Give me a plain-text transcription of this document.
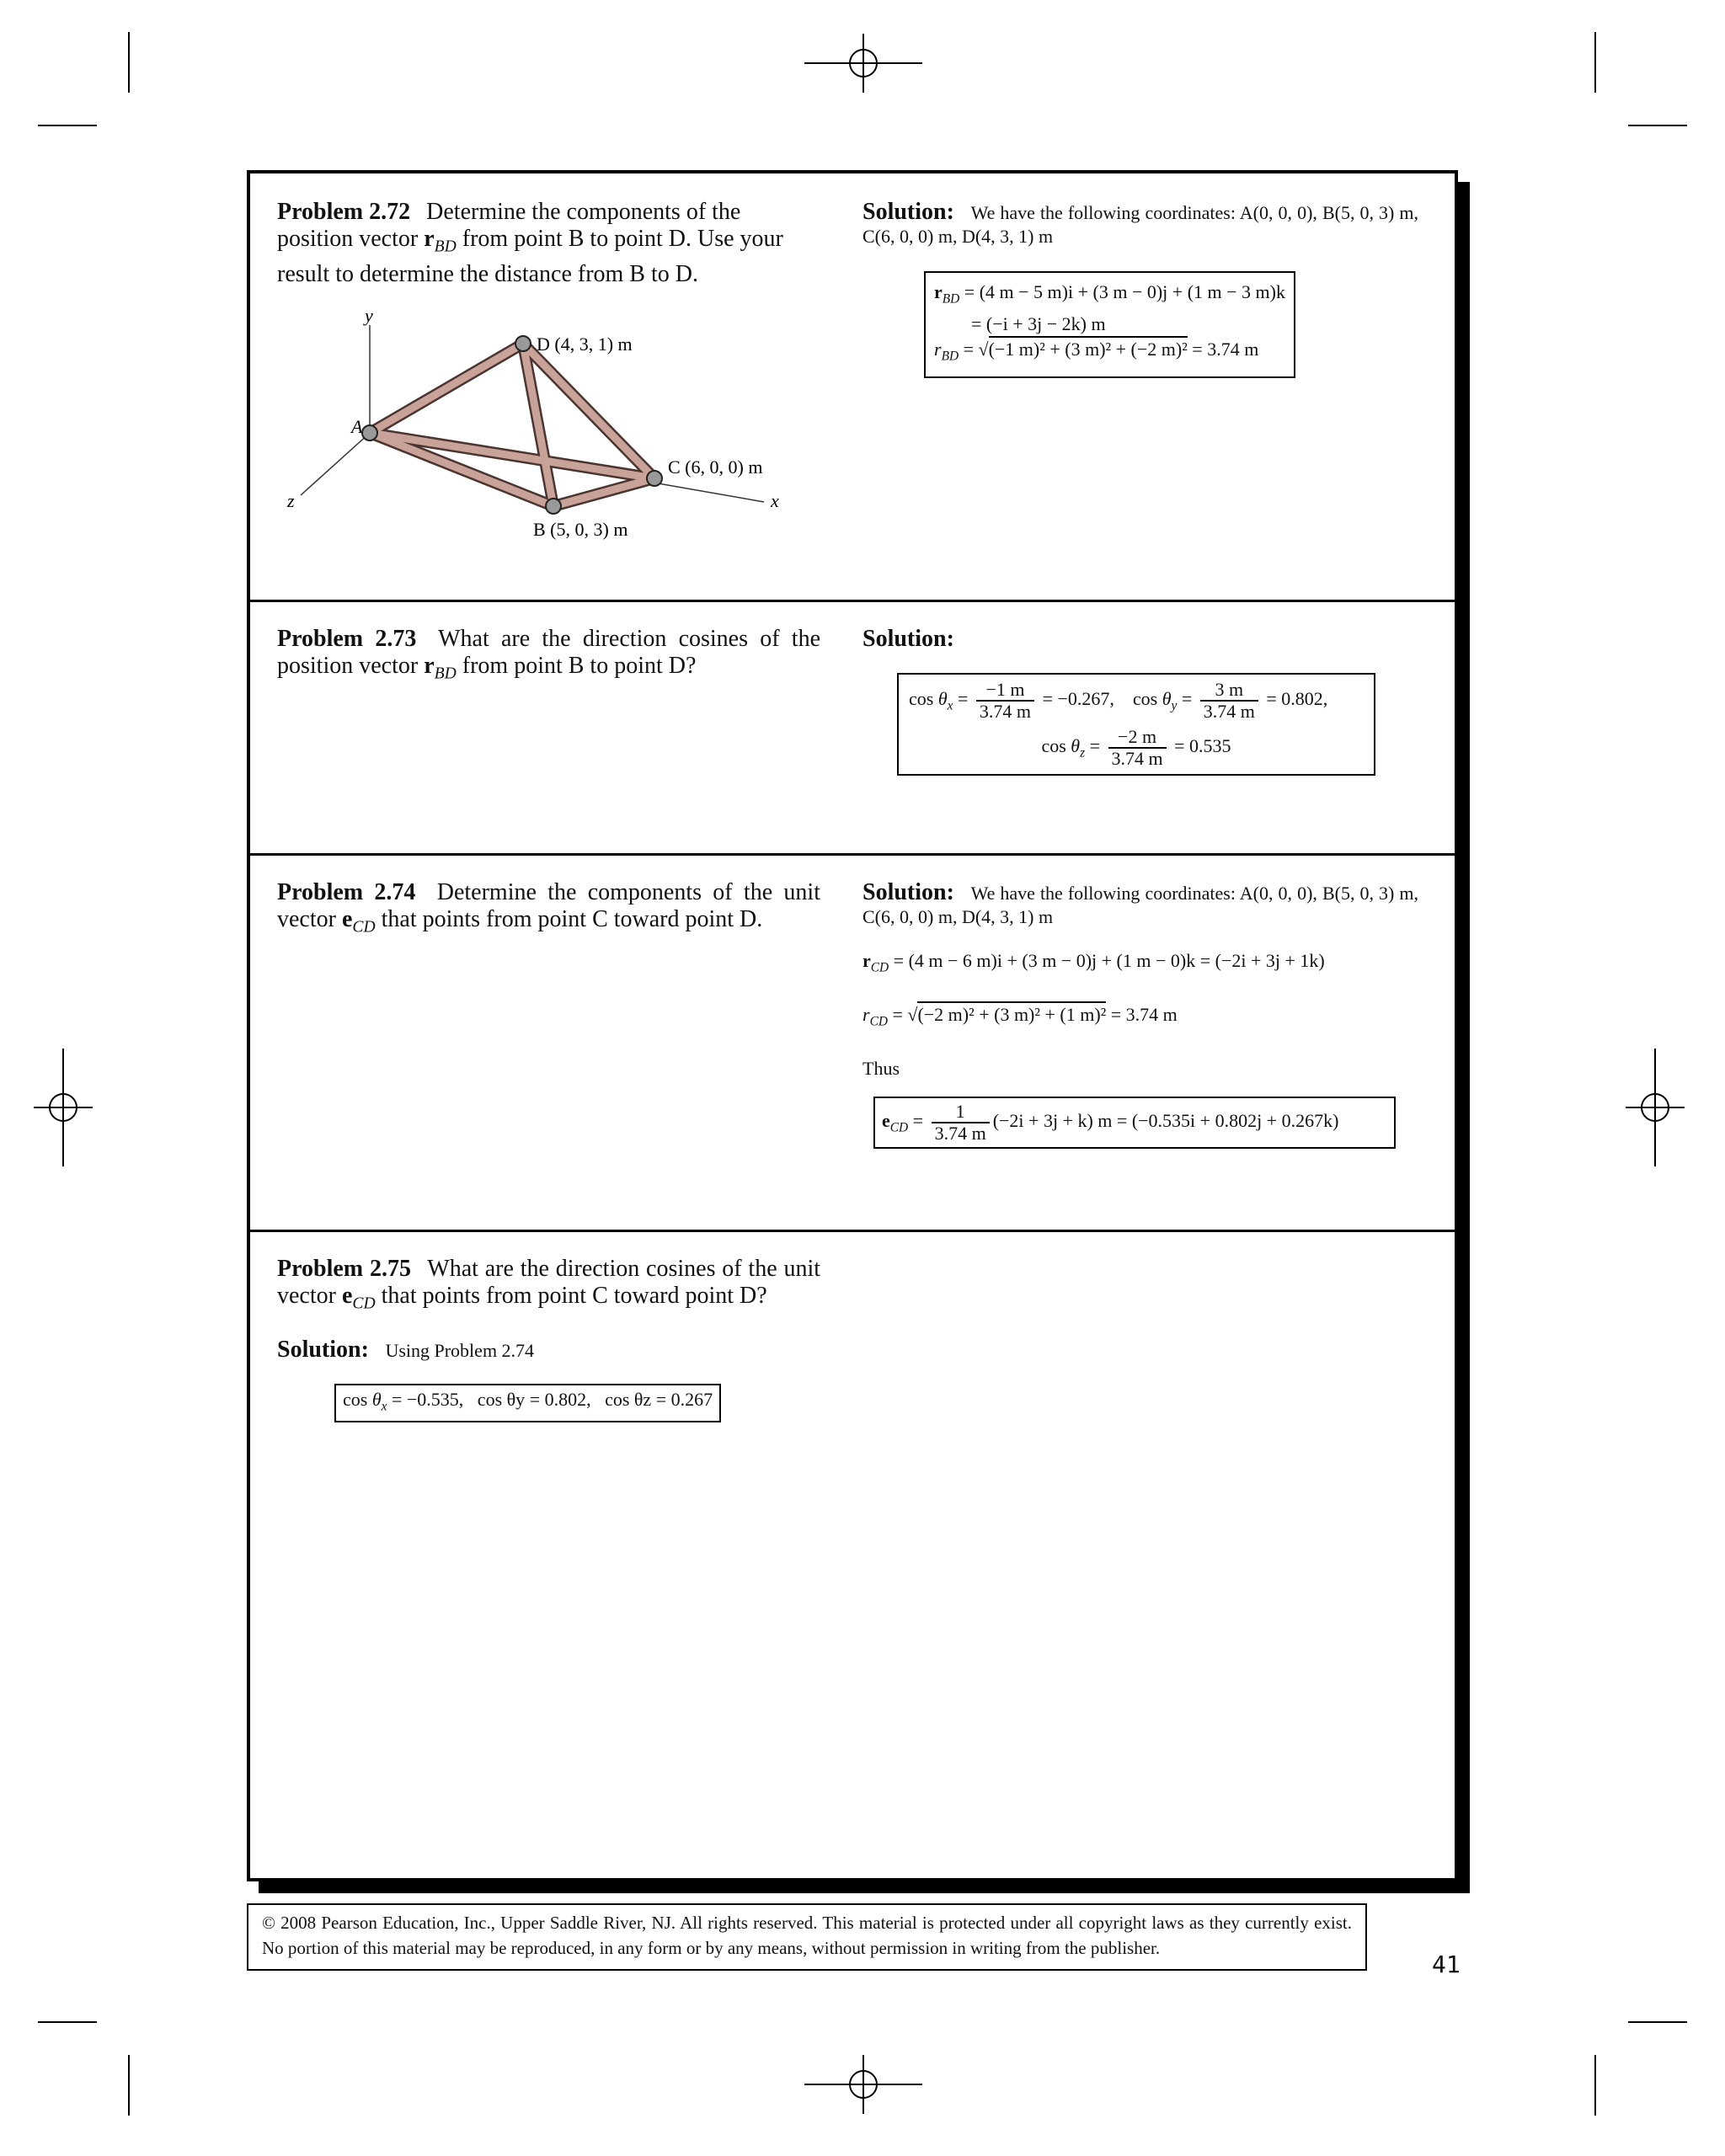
Problem 2.72 Determine the components of the position vector $r_{BD}$ from point B to point D. Use your result to determine the distance from B to D.
y
x
z
A
B (5, 0, 3) m
C (6, 0, 0) m
D (4, 3, 1) m
Solution: We have the following coordinates: A(0, 0, 0), B(5, 0, 3) m, C(6, 0, 0) m, D(4, 3, 1) m
$r_{BD} = (4$ m − 5 m)i + (3 m − 0)j + (1 m − 3 m)k
= (−i + 3j − 2k) m
$r_{BD} = √(-1$ m)² + (3 m)² + (−2 m)² = 3.74 m
Problem 2.73 What are the direction cosines of the position vector $r_{BD}$ from point B to point D?
Solution:
$\cos \theta_x = \frac{-1 m}{3.74 m} = -0.267$,    $\cos \theta_y = \frac{3 m}{3.74 m} = 0.802$,
$\cos \theta_z = \frac{-2 m}{3.74 m} = 0.535$
Problem 2.74 Determine the components of the unit vector $e_{CD}$ that points from point C toward point D.
Solution: We have the following coordinates: A(0, 0, 0), B(5, 0, 3) m, C(6, 0, 0) m, D(4, 3, 1) m
$r_{CD} = (4$ m − 6 m)i + (3 m − 0)j + (1 m − 0)k = (−2i + 3j + 1k)
$r_{CD} = √(-2$ m)² + (3 m)² + (1 m)² = 3.74 m
Thus
$e_{CD} = \frac{1}{3.74 m} (-2i + 3j + k) m = (-0.535i + 0.802j + 0.267k)$
Problem 2.75 What are the direction cosines of the unit vector $e_{CD}$ that points from point C toward point D?
Solution: Using Problem 2.74
$\cos \theta_x = -0.535$,   cos θy = 0.802,   cos θz = 0.267
© 2008 Pearson Education, Inc., Upper Saddle River, NJ. All rights reserved. This material is protected under all copyright laws as they currently exist. No portion of this material may be reproduced, in any form or by any means, without permission in writing from the publisher.
41
